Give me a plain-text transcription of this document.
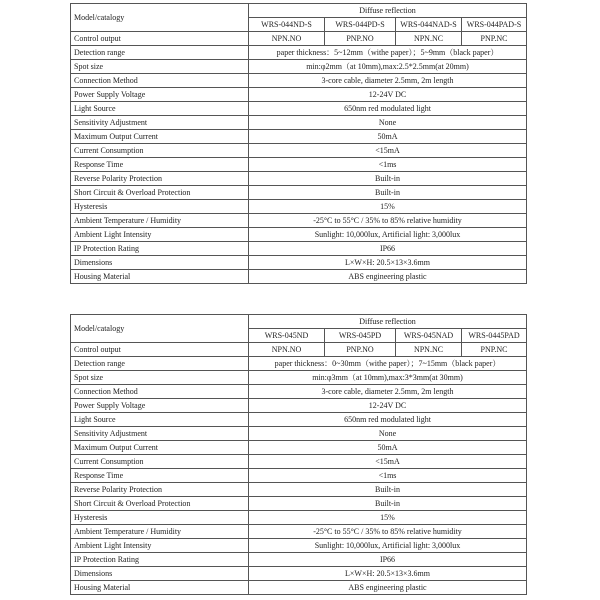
Model/catalogy	Diffuse reflection			
	WRS-044ND-S	WRS-044PD-S	WRS-044NAD-S	WRS-044PAD-S
Control output	NPN.NO	PNP.NO	NPN.NC	PNP.NC
Detection range	paper thickness：5~12mm（withe paper）；5~9mm（black paper）			
Spot size	min:φ2mm（at 10mm),max:2.5*2.5mm(at 20mm)			
Connection Method	3-core cable, diameter 2.5mm, 2m length			
Power Supply Voltage	12-24V DC			
Light Source	650nm red modulated light			
Sensitivity Adjustment	None			
Maximum Output Current	50mA			
Current Consumption	<15mA			
Response Time	<1ms			
Reverse Polarity Protection	Built-in			
Short Circuit & Overload Protection	Built-in			
Hysteresis	15%			
Ambient Temperature / Humidity	-25°C to 55°C / 35% to 85% relative humidity			
Ambient Light Intensity	Sunlight: 10,000lux, Artificial light: 3,000lux			
IP Protection Rating	IP66			
Dimensions	L×W×H: 20.5×13×3.6mm			
Housing Material	ABS engineering plastic			
Model/catalogy	Diffuse reflection			
	WRS-045ND	WRS-045PD	WRS-045NAD	WRS-0445PAD
Control output	NPN.NO	PNP.NO	NPN.NC	PNP.NC
Detection range	paper thickness：0~30mm（withe paper）；7~15mm（black paper）			
Spot size	min:φ3mm（at 10mm),max:3*3mm(at 30mm)			
Connection Method	3-core cable, diameter 2.5mm, 2m length			
Power Supply Voltage	12-24V DC			
Light Source	650nm red modulated light			
Sensitivity Adjustment	None			
Maximum Output Current	50mA			
Current Consumption	<15mA			
Response Time	<1ms			
Reverse Polarity Protection	Built-in			
Short Circuit & Overload Protection	Built-in			
Hysteresis	15%			
Ambient Temperature / Humidity	-25°C to 55°C / 35% to 85% relative humidity			
Ambient Light Intensity	Sunlight: 10,000lux, Artificial light: 3,000lux			
IP Protection Rating	IP66			
Dimensions	L×W×H: 20.5×13×3.6mm			
Housing Material	ABS engineering plastic			
